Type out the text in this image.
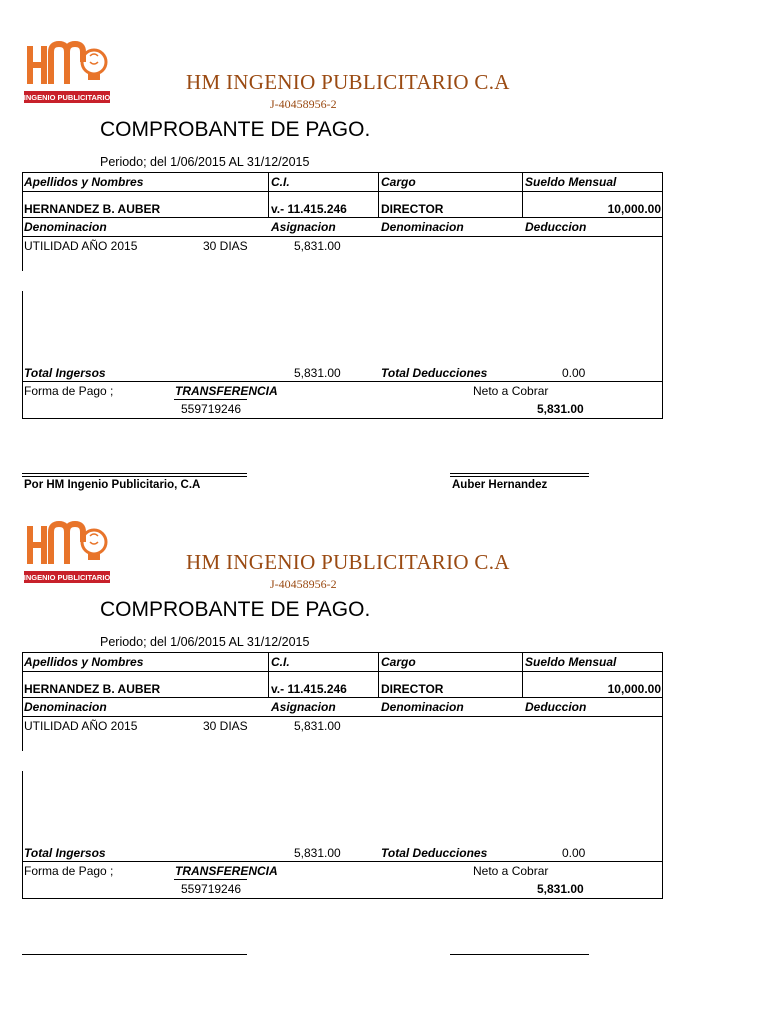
INGENIO PUBLICITARIO
HM INGENIO PUBLICITARIO C.A
J-40458956-2
COMPROBANTE DE PAGO.
Periodo; del 1/06/2015 AL 31/12/2015
Apellidos y Nombres	C.I.	Cargo	Sueldo Mensual
HERNANDEZ B. AUBER	v.- 11.415.246	DIRECTOR	10,000.00
Denominacion	Asignacion	Denominacion	Deduccion
UTILIDAD AÑO 2015	30 DIAS	5,831.00
Total Ingersos	5,831.00	Total Deducciones	0.00
Forma de Pago ;	TRANSFERENCIA
559719246
Neto a Cobrar
5,831.00
Por HM Ingenio Publicitario, C.A	Auber Hernandez
INGENIO PUBLICITARIO
HM INGENIO PUBLICITARIO C.A
J-40458956-2
COMPROBANTE DE PAGO.
Periodo; del 1/06/2015 AL 31/12/2015
Apellidos y Nombres	C.I.	Cargo	Sueldo Mensual
HERNANDEZ B. AUBER	v.- 11.415.246	DIRECTOR	10,000.00
Denominacion	Asignacion	Denominacion	Deduccion
UTILIDAD AÑO 2015	30 DIAS	5,831.00
Total Ingersos	5,831.00	Total Deducciones	0.00
Forma de Pago ;	TRANSFERENCIA
559719246
Neto a Cobrar
5,831.00
